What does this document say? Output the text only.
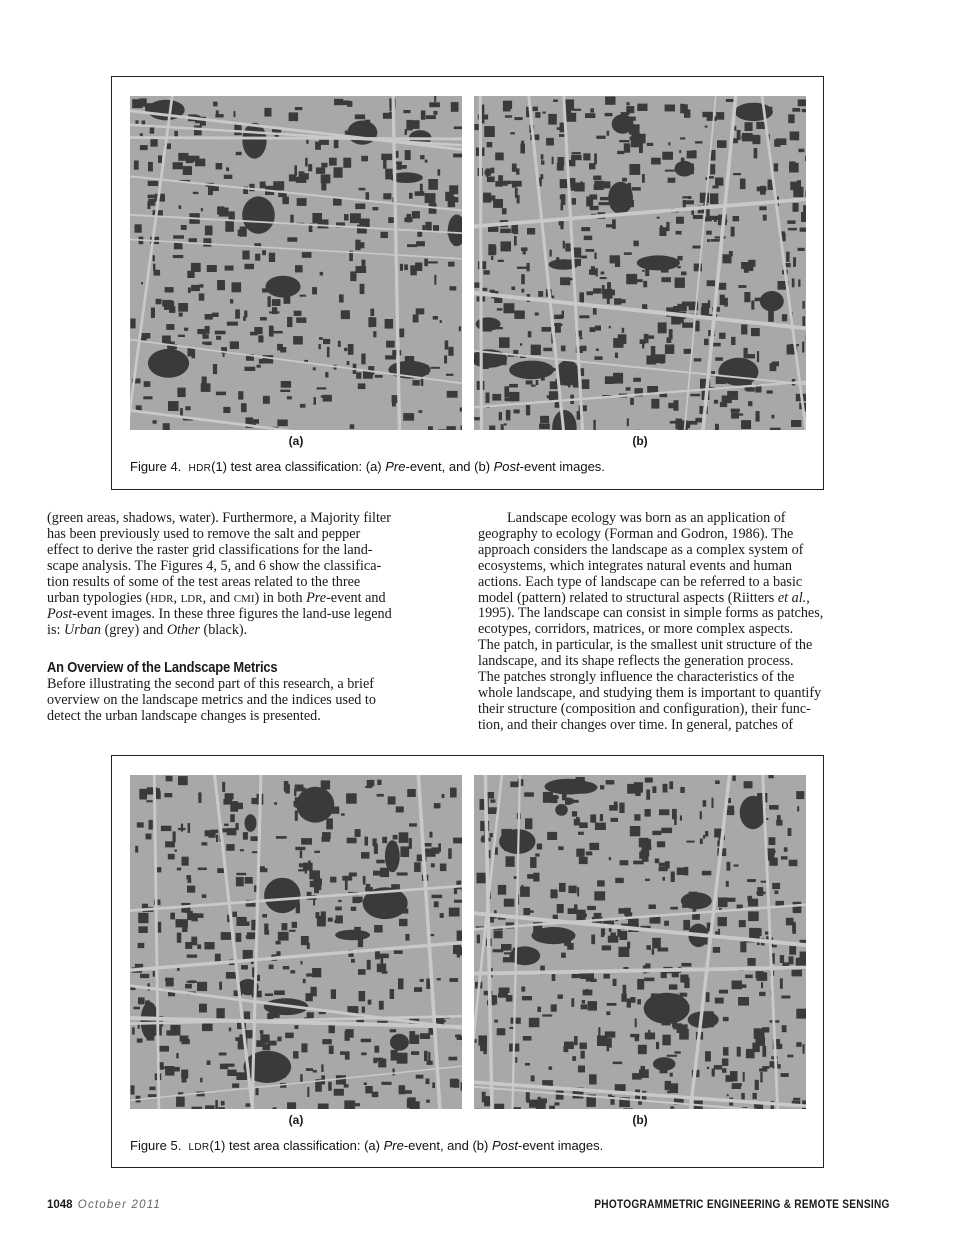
(a)	(b)
Figure 4. HDR(1) test area classification: (a) Pre-event, and (b) Post-event images.

(green areas, shadows, water). Furthermore, a Majority filter
has been previously used to remove the salt and pepper
effect to derive the raster grid classifications for the land-
scape analysis. The Figures 4, 5, and 6 show the classifica-
tion results of some of the test areas related to the three
urban typologies (HDR, LDR, and CMI) in both Pre-event and
Post-event images. In these three figures the land-use legend
is: Urban (grey) and Other (black).

An Overview of the Landscape Metrics

Before illustrating the second part of this research, a brief
overview on the landscape metrics and the indices used to
detect the urban landscape changes is presented.

Landscape ecology was born as an application of
geography to ecology (Forman and Godron, 1986). The
approach considers the landscape as a complex system of
ecosystems, which integrates natural events and human
actions. Each type of landscape can be referred to a basic
model (pattern) related to structural aspects (Riitters et al.,
1995). The landscape can consist in simple forms as patches,
ecotypes, corridors, matrices, or more complex aspects.
The patch, in particular, is the smallest unit structure of the
landscape, and its shape reflects the generation process.
The patches strongly influence the characteristics of the
whole landscape, and studying them is important to quantify
their structure (composition and configuration), their func-
tion, and their changes over time. In general, patches of

(a)	(b)
Figure 5. LDR(1) test area classification: (a) Pre-event, and (b) Post-event images.
1048 October 2011	PHOTOGRAMMETRIC ENGINEERING & REMOTE SENSING
